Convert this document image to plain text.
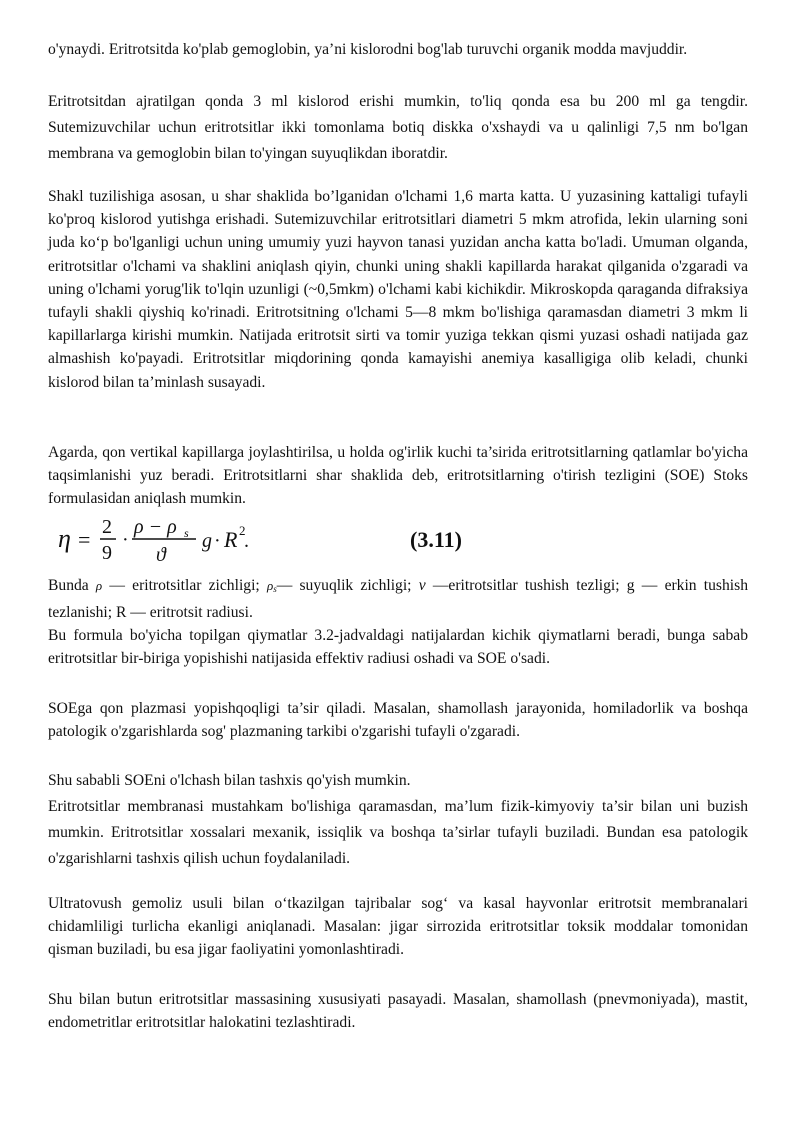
o'ynaydi. Eritrotsitda ko'plab gemoglobin, ya’ni kislorodni bog'lab turuvchi organik modda mavjuddir.

Eritrotsitdan ajratilgan qonda 3 ml kislorod erishi mumkin, to'liq qonda esa bu 200 ml ga tengdir. Sutemizuvchilar uchun eritrotsitlar ikki tomonlama botiq diskka o'xshaydi va u qalinligi 7,5 nm bo'lgan membrana va gemoglobin bilan to'yingan suyuqlikdan iboratdir.

Shakl tuzilishiga asosan, u shar shaklida bo’lganidan o'lchami 1,6 marta katta. U yuzasining kattaligi tufayli ko'proq kislorod yutishga erishadi. Sutemizuvchilar eritrotsitlari diametri 5 mkm atrofida, lekin ularning soni juda ko‘p bo'lganligi uchun uning umumiy yuzi hayvon tanasi yuzidan ancha katta bo'ladi. Umuman olganda, eritrotsitlar o'lchami va shaklini aniqlash qiyin, chunki uning shakli kapillarda harakat qilganida o'zgaradi va uning o'lchami yorug'lik to'lqin uzunligi (~0,5mkm) o'lchami kabi kichikdir. Mikroskopda qaraganda difraksiya tufayli shakli qiyshiq ko'rinadi. Eritrotsitning o'lchami 5—8 mkm bo'lishiga qaramasdan diametri 3 mkm li kapillarlarga kirishi mumkin. Natijada eritrotsit sirti va tomir yuziga tekkan qismi yuzasi oshadi natijada gaz almashish ko'payadi. Eritrotsitlar miqdorining qonda kamayishi anemiya kasalligiga olib keladi, chunki kislorod bilan ta’minlash susayadi.

Agarda, qon vertikal kapillarga joylashtirilsa, u holda og'irlik kuchi ta’sirida eritrotsitlarning qatlamlar bo'yicha taqsimlanishi yuz beradi. Eritrotsitlarni shar shaklida deb, eritrotsitlarning o'tirish tezligini (SOE) Stoks formulasidan aniqlash mumkin.

η = 2
9
·
ρ − ρ s
ϑ
g · R 2
.	(3.11)

Bunda ρ — eritrotsitlar zichligi; $\rho_s—$ suyuqlik zichligi; v —eritrotsitlar tushish tezligi; g — erkin tushish tezlanishi; R — eritrotsit radiusi.

Bu formula bo'yicha topilgan qiymatlar 3.2-jadvaldagi natijalardan kichik qiymatlarni beradi, bunga sabab eritrotsitlar bir-biriga yopishishi natijasida effektiv radiusi oshadi va SOE o'sadi.

SOEga qon plazmasi yopishqoqligi ta’sir qiladi. Masalan, shamollash jarayonida, homiladorlik va boshqa patologik o'zgarishlarda sog' plazmaning tarkibi o'zgarishi tufayli o'zgaradi.

Shu sababli SOEni o'lchash bilan tashxis qo'yish mumkin.

Eritrotsitlar membranasi mustahkam bo'lishiga qaramasdan, ma’lum fizik-kimyoviy ta’sir bilan uni buzish mumkin. Eritrotsitlar xossalari mexanik, issiqlik va boshqa ta’sirlar tufayli buziladi. Bundan esa patologik o'zgarishlarni tashxis qilish uchun foydalaniladi.

Ultratovush gemoliz usuli bilan o‘tkazilgan tajribalar sog‘ va kasal hayvonlar eritrotsit membranalari chidamliligi turlicha ekanligi aniqlanadi. Masalan: jigar sirrozida eritrotsitlar toksik moddalar tomonidan qisman buziladi, bu esa jigar faoliyatini yomonlashtiradi.

Shu bilan butun eritrotsitlar massasining xususiyati pasayadi. Masalan, shamollash (pnevmoniyada), mastit, endometritlar eritrotsitlar halokatini tezlashtiradi.
